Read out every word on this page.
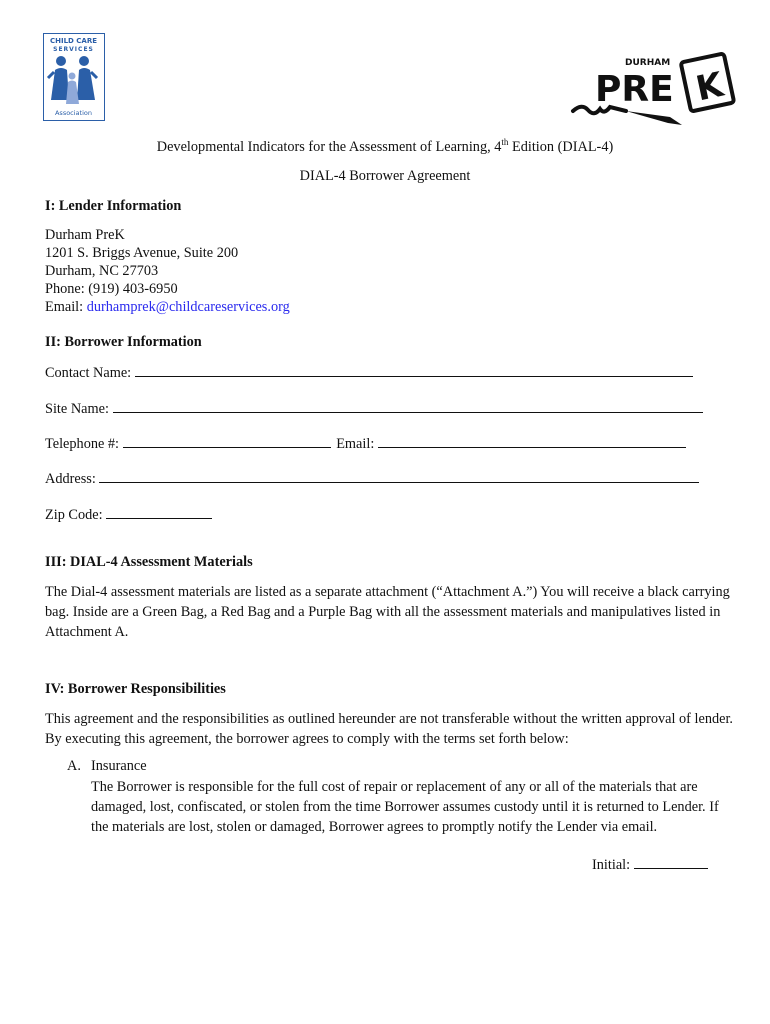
CHILD CARE
SERVICES
Association
DURHAM
PRE K
Developmental Indicators for the Assessment of Learning, 4th Edition (DIAL-4)
DIAL-4 Borrower Agreement
I: Lender Information
Durham PreK
1201 S. Briggs Avenue, Suite 200
Durham, NC 27703
Phone: (919) 403-6950
Email: durhamprek@childcareservices.org
II: Borrower Information
Contact Name:
Site Name:
Telephone #:	Email:
Address:
Zip Code:
III: DIAL-4 Assessment Materials
The Dial-4 assessment materials are listed as a separate attachment (“Attachment A.”) You will receive a black carrying bag. Inside are a Green Bag, a Red Bag and a Purple Bag with all the assessment materials and manipulatives listed in Attachment A.
IV: Borrower Responsibilities
This agreement and the responsibilities as outlined hereunder are not transferable without the written approval of lender. By executing this agreement, the borrower agrees to comply with the terms set forth below:
A. Insurance
The Borrower is responsible for the full cost of repair or replacement of any or all of the materials that are damaged, lost, confiscated, or stolen from the time Borrower assumes custody until it is returned to Lender. If the materials are lost, stolen or damaged, Borrower agrees to promptly notify the Lender via email.
Initial:
